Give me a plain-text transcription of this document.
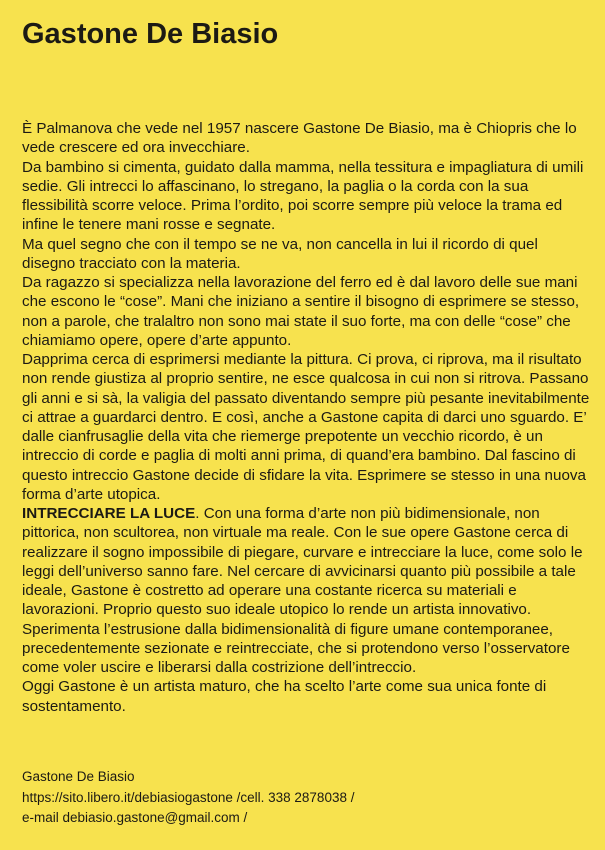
Gastone De Biasio

È Palmanova che vede nel 1957 nascere Gastone De Biasio, ma è Chiopris che lo vede crescere ed ora invecchiare.

Da bambino si cimenta, guidato dalla mamma, nella tessitura e impagliatura di umili sedie. Gli intrecci lo affascinano, lo stregano, la paglia o la corda con la sua flessibilità scorre veloce. Prima l’ordito, poi scorre sempre più veloce la trama ed infine le tenere mani rosse e segnate.

Ma quel segno che con il tempo se ne va, non cancella in lui il ricordo di quel disegno tracciato con la materia.

Da ragazzo si specializza nella lavorazione del ferro ed è dal lavoro delle sue mani che escono le “cose”. Mani che iniziano a sentire il bisogno di esprimere se stesso, non a parole, che tralaltro non sono mai state il suo forte, ma con delle “cose” che chiamiamo opere, opere d’arte appunto.

Dapprima cerca di esprimersi mediante la pittura. Ci prova, ci riprova, ma il risultato non rende giustiza al proprio sentire, ne esce qualcosa in cui non si ritrova. Passano gli anni e si sà, la valigia del passato diventando sempre più pesante inevitabilmente ci attrae a guardarci dentro. E così, anche a Gastone capita di darci uno sguardo. E’ dalle cianfrusaglie della vita che riemerge prepotente un vecchio ricordo, è un intreccio di corde e paglia di molti anni prima, di quand’era bambino. Dal fascino di questo intreccio Gastone decide di sfidare la vita. Esprimere se stesso in una nuova forma d’arte utopica.

INTRECCIARE LA LUCE. Con una forma d’arte non più bidimensionale, non pittorica, non scultorea, non virtuale ma reale. Con le sue opere Gastone cerca di realizzare il sogno impossibile di piegare, curvare e intrecciare la luce, come solo le leggi dell’universo sanno fare. Nel cercare di avvicinarsi quanto più possibile a tale ideale, Gastone è costretto ad operare una costante ricerca su materiali e lavorazioni. Proprio questo suo ideale utopico lo rende un artista innovativo. Sperimenta l’estrusione dalla bidimensionalità di figure umane contemporanee, precedentemente sezionate e reintrecciate, che si protendono verso l’osservatore come voler uscire e liberarsi dalla costrizione dell’intreccio.

Oggi Gastone è un artista maturo, che ha scelto l’arte come sua unica fonte di sostentamento.

Gastone De Biasio
https://sito.libero.it/debiasiogastone /cell. 338 2878038 /
e-mail debiasio.gastone@gmail.com /
